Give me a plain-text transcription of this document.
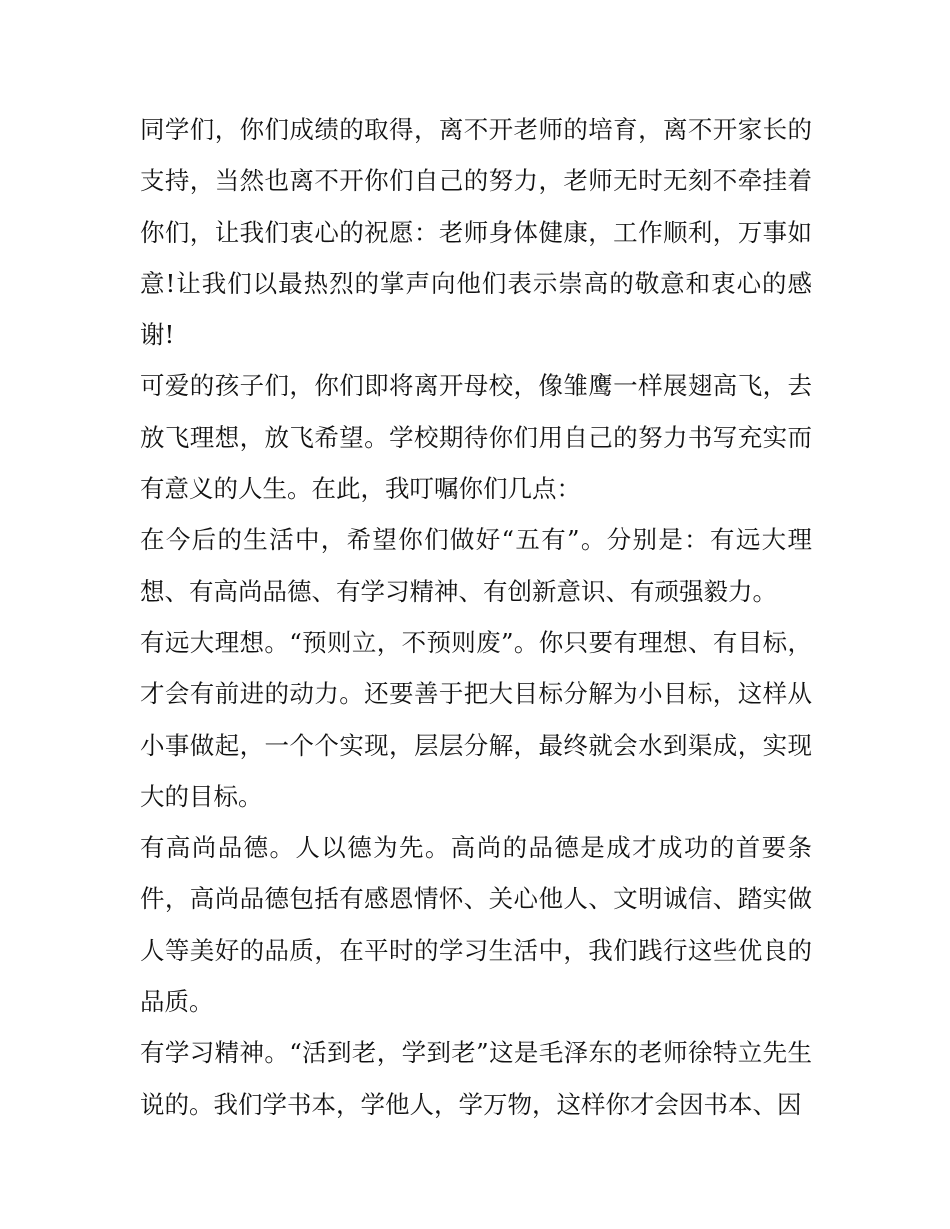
同学们，你们成绩的取得，离不开老师的培育，离不开家长的支持，当然也离不开你们自己的努力，老师无时无刻不牵挂着你们，让我们衷心的祝愿：老师身体健康，工作顺利，万事如意!让我们以最热烈的掌声向他们表示崇高的敬意和衷心的感谢!

可爱的孩子们，你们即将离开母校，像雏鹰一样展翅高飞，去放飞理想，放飞希望。学校期待你们用自己的努力书写充实而有意义的人生。在此，我叮嘱你们几点：

在今后的生活中，希望你们做好“五有”。分别是：有远大理想、有高尚品德、有学习精神、有创新意识、有顽强毅力。

有远大理想。“预则立，不预则废”。你只要有理想、有目标，才会有前进的动力。还要善于把大目标分解为小目标，这样从小事做起，一个个实现，层层分解，最终就会水到渠成，实现大的目标。

有高尚品德。人以德为先。高尚的品德是成才成功的首要条件，高尚品德包括有感恩情怀、关心他人、文明诚信、踏实做人等美好的品质，在平时的学习生活中，我们践行这些优良的品质。

有学习精神。“活到老，学到老”这是毛泽东的老师徐特立先生说的。我们学书本，学他人，学万物，这样你才会因书本、因
